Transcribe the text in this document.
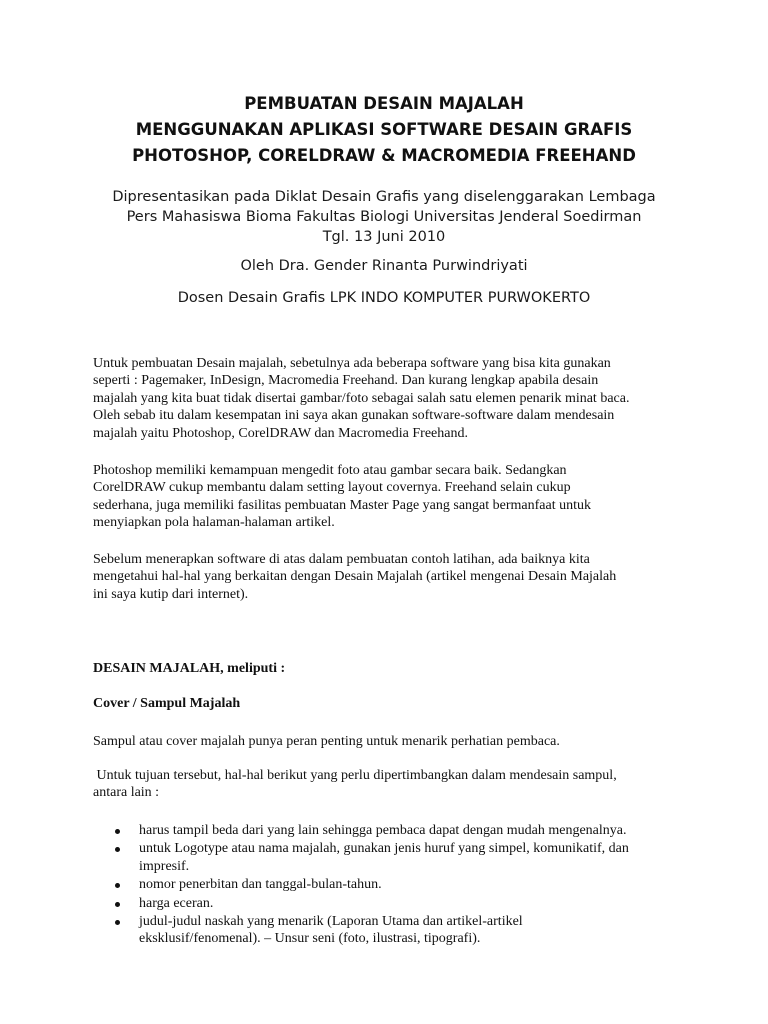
PEMBUATAN DESAIN MAJALAH
MENGGUNAKAN APLIKASI SOFTWARE DESAIN GRAFIS
PHOTOSHOP, CORELDRAW & MACROMEDIA FREEHAND
Dipresentasikan pada Diklat Desain Grafis yang diselenggarakan Lembaga
Pers Mahasiswa Bioma Fakultas Biologi Universitas Jenderal Soedirman
Tgl. 13 Juni 2010
Oleh Dra. Gender Rinanta Purwindriyati
Dosen Desain Grafis LPK INDO KOMPUTER PURWOKERTO
Untuk pembuatan Desain majalah, sebetulnya ada beberapa software yang bisa kita gunakan
seperti : Pagemaker, InDesign, Macromedia Freehand. Dan kurang lengkap apabila desain
majalah yang kita buat tidak disertai gambar/foto sebagai salah satu elemen penarik minat baca.
Oleh sebab itu dalam kesempatan ini saya akan gunakan software-software dalam mendesain
majalah yaitu Photoshop, CorelDRAW dan Macromedia Freehand.
Photoshop memiliki kemampuan mengedit foto atau gambar secara baik. Sedangkan
CorelDRAW cukup membantu dalam setting layout covernya. Freehand selain cukup
sederhana, juga memiliki fasilitas pembuatan Master Page yang sangat bermanfaat untuk
menyiapkan pola halaman-halaman artikel.
Sebelum menerapkan software di atas dalam pembuatan contoh latihan, ada baiknya kita
mengetahui hal-hal yang berkaitan dengan Desain Majalah (artikel mengenai Desain Majalah
ini saya kutip dari internet).
DESAIN MAJALAH, meliputi :
Cover / Sampul Majalah
Sampul atau cover majalah punya peran penting untuk menarik perhatian pembaca.
Untuk tujuan tersebut, hal-hal berikut yang perlu dipertimbangkan dalam mendesain sampul,
antara lain :
harus tampil beda dari yang lain sehingga pembaca dapat dengan mudah mengenalnya.
untuk Logotype atau nama majalah, gunakan jenis huruf yang simpel, komunikatif, dan
impresif.
nomor penerbitan dan tanggal-bulan-tahun.
harga eceran.
judul-judul naskah yang menarik (Laporan Utama dan artikel-artikel
eksklusif/fenomenal). – Unsur seni (foto, ilustrasi, tipografi).
